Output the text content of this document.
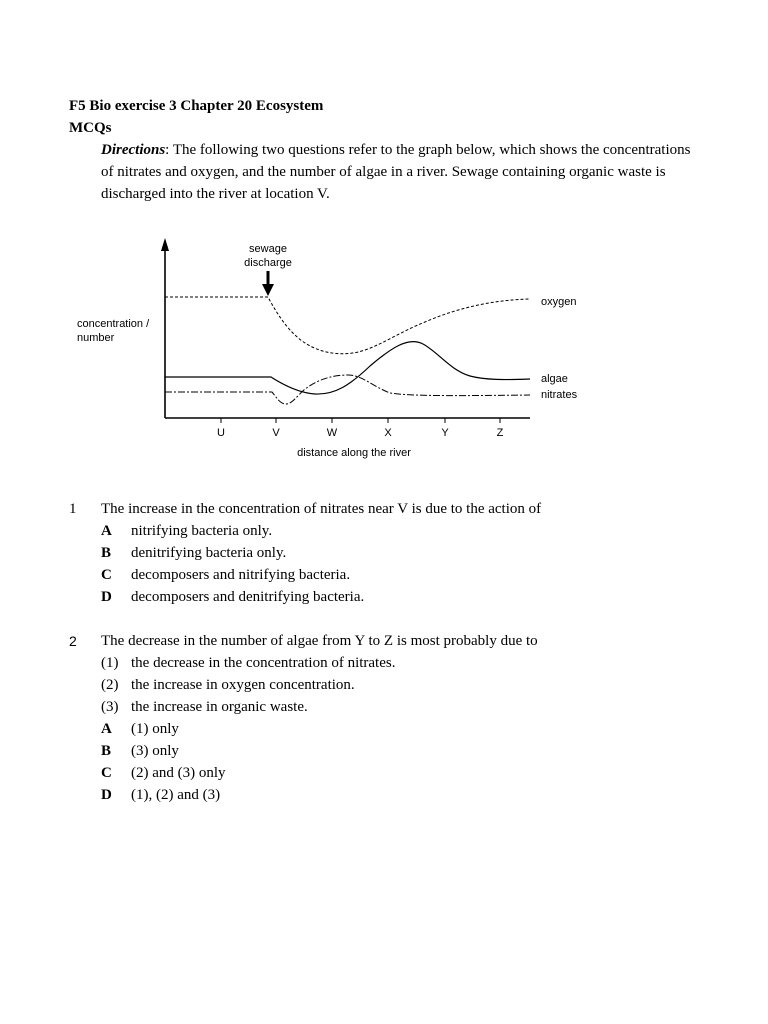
F5 Bio exercise 3 Chapter 20 Ecosystem
MCQs
Directions: The following two questions refer to the graph below, which shows the concentrations of nitrates and oxygen, and the number of algae in a river. Sewage containing organic waste is discharged into the river at location V.
U	V	W	X	Y	Z
distance along the river
concentration /
number
sewage
discharge
oxygen
algae
nitrates
1 The increase in the concentration of nitrates near V is due to the action of
A nitrifying bacteria only.
B denitrifying bacteria only.
C decomposers and nitrifying bacteria.
D decomposers and denitrifying bacteria.
2 The decrease in the number of algae from Y to Z is most probably due to
(1) the decrease in the concentration of nitrates.
(2) the increase in oxygen concentration.
(3) the increase in organic waste.
A (1) only
B (3) only
C (2) and (3) only
D (1), (2) and (3)
